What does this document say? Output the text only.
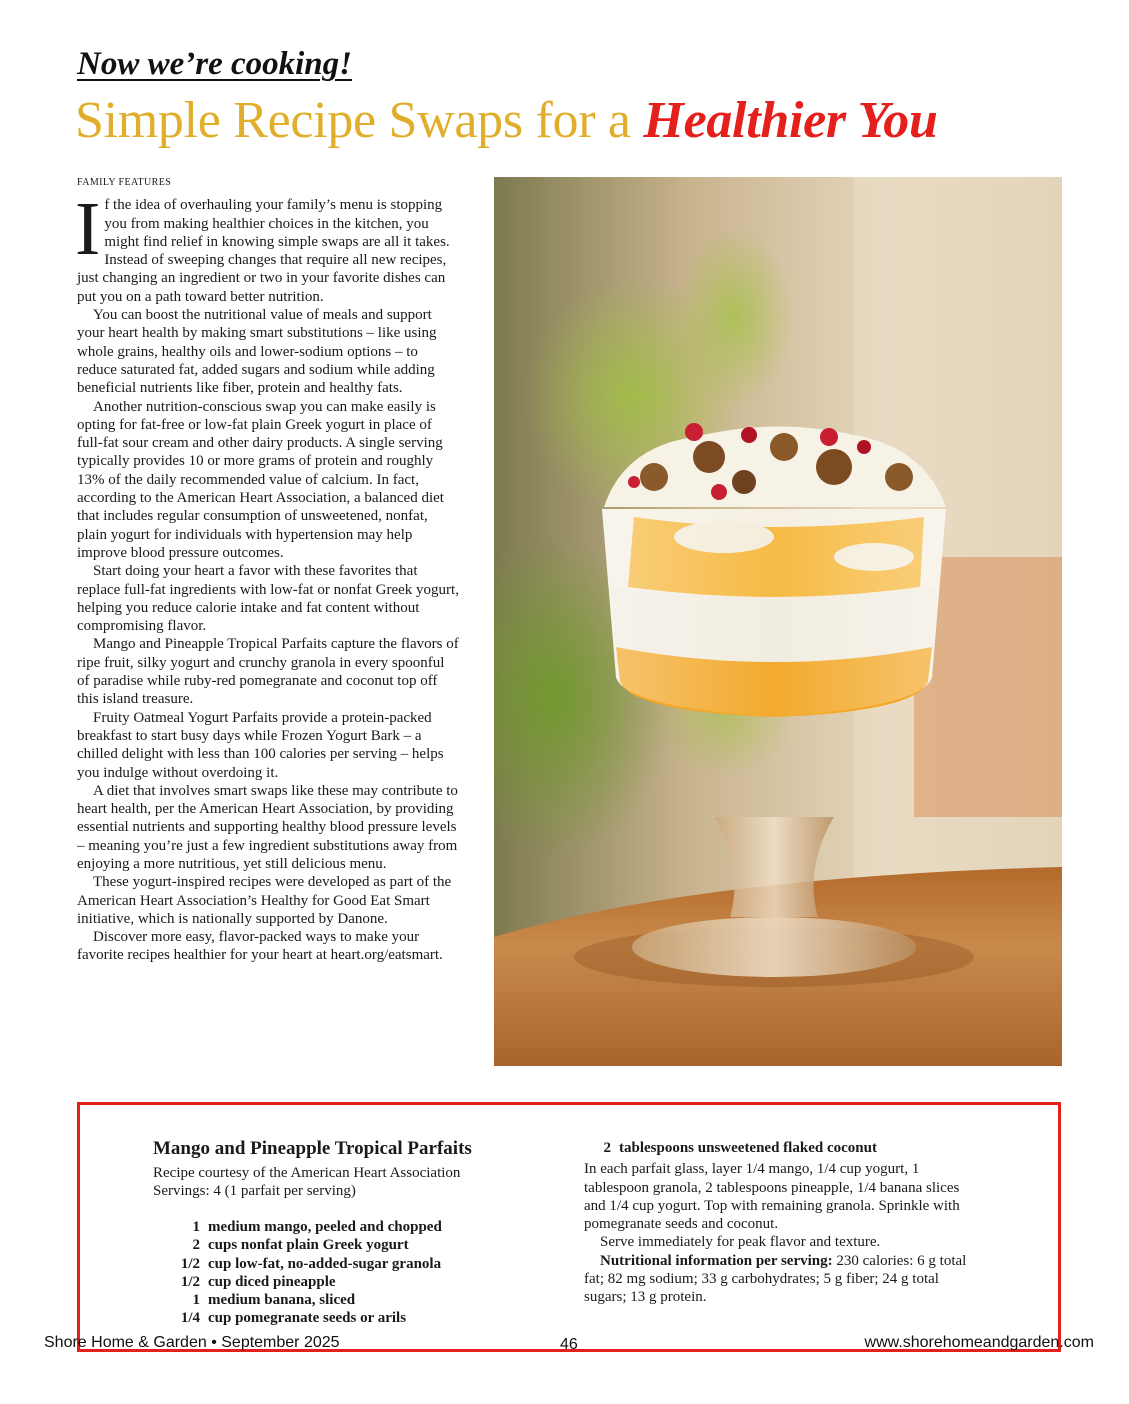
Now we’re cooking!
Simple Recipe Swaps for a Healthier You
FAMILY FEATURES

If the idea of overhauling your family’s menu is stopping you from making healthier choices in the kitchen, you might find relief in knowing simple swaps are all it takes. Instead of sweeping changes that require all new recipes, just changing an ingredient or two in your favorite dishes can put you on a path toward better nutrition.

You can boost the nutritional value of meals and support your heart health by making smart substitutions – like using whole grains, healthy oils and lower-sodium options – to reduce saturated fat, added sugars and sodium while adding beneficial nutrients like fiber, protein and healthy fats.

Another nutrition-conscious swap you can make easily is opting for fat-free or low-fat plain Greek yogurt in place of full-fat sour cream and other dairy products. A single serving typically provides 10 or more grams of protein and roughly 13% of the daily recommended value of calcium. In fact, according to the American Heart Association, a balanced diet that includes regular consumption of unsweetened, nonfat, plain yogurt for individuals with hypertension may help improve blood pressure outcomes.

Start doing your heart a favor with these favorites that replace full-fat ingredients with low-fat or nonfat Greek yogurt, helping you reduce calorie intake and fat content without compromising flavor.

Mango and Pineapple Tropical Parfaits capture the flavors of ripe fruit, silky yogurt and crunchy granola in every spoonful of paradise while ruby-red pomegranate and coconut top off this island treasure.

Fruity Oatmeal Yogurt Parfaits provide a protein-packed breakfast to start busy days while Frozen Yogurt Bark – a chilled delight with less than 100 calories per serving – helps you indulge without overdoing it.

A diet that involves smart swaps like these may contribute to heart health, per the American Heart Association, by providing essential nutrients and supporting healthy blood pressure levels – meaning you’re just a few ingredient substitutions away from enjoying a more nutritious, yet still delicious menu.

These yogurt-inspired recipes were developed as part of the American Heart Association’s Healthy for Good Eat Smart initiative, which is nationally supported by Danone.

Discover more easy, flavor-packed ways to make your favorite recipes healthier for your heart at heart.org/eatsmart.

Mango and Pineapple Tropical Parfaits
Recipe courtesy of the American Heart Association
Servings: 4 (1 parfait per serving)
1 medium mango, peeled and chopped
2 cups nonfat plain Greek yogurt
1/2 cup low-fat, no-added-sugar granola
1/2 cup diced pineapple
1 medium banana, sliced
1/4 cup pomegranate seeds or arils
2 tablespoons unsweetened flaked coconut

In each parfait glass, layer 1/4 mango, 1/4 cup yogurt, 1 tablespoon granola, 2 tablespoons pineapple, 1/4 banana slices and 1/4 cup yogurt. Top with remaining granola. Sprinkle with pomegranate seeds and coconut.

Serve immediately for peak flavor and texture.

Nutritional information per serving: 230 calories: 6 g total fat; 82 mg sodium; 33 g carbohydrates; 5 g fiber; 24 g total sugars; 13 g protein.

Shore Home & Garden • September 2025	46	www.shorehomeandgarden.com
